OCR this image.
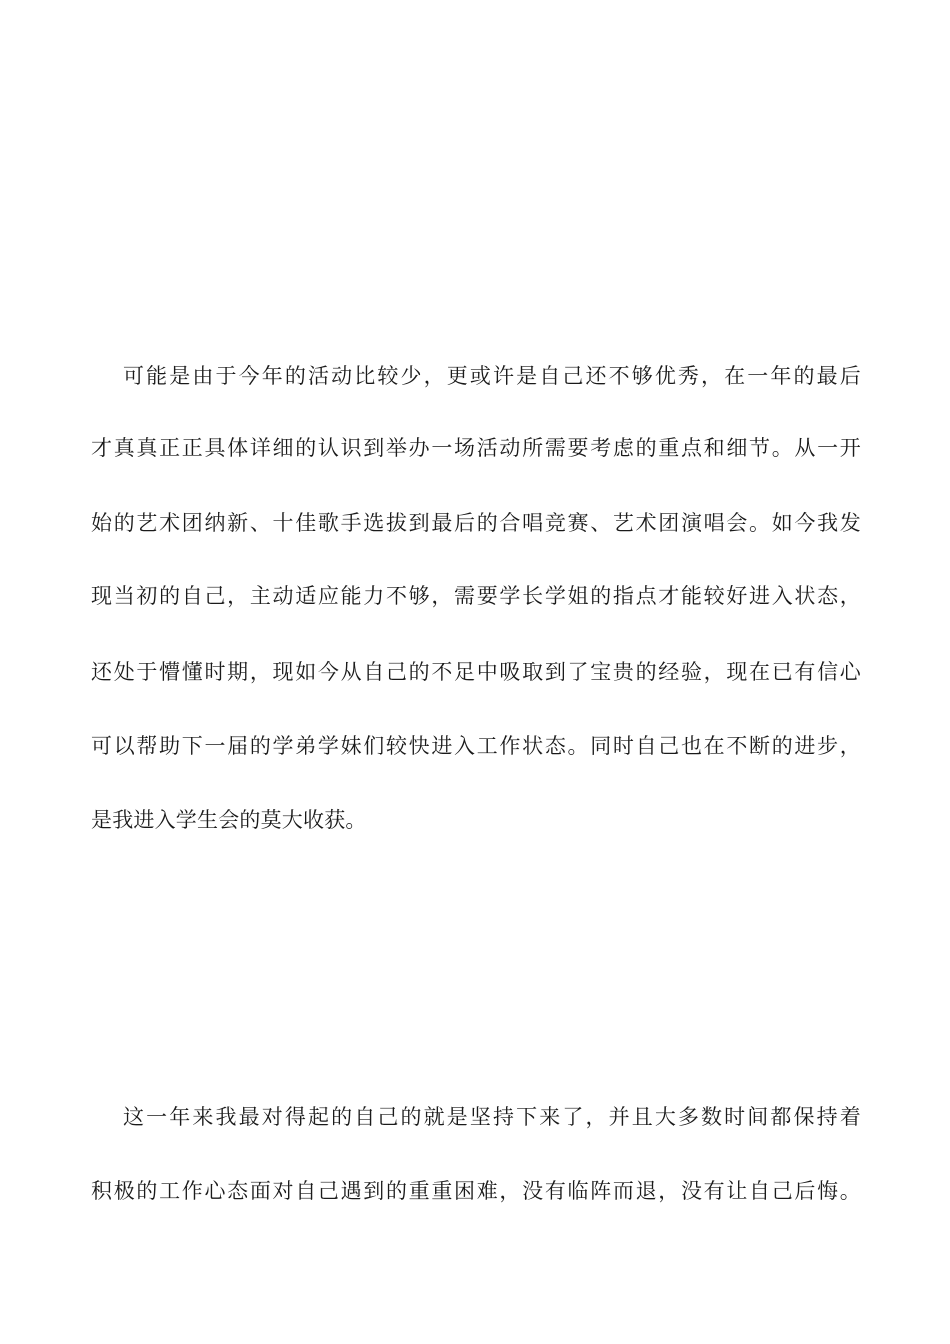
可能是由于今年的活动比较少，更或许是自己还不够优秀，在一年的最后
才真真正正具体详细的认识到举办一场活动所需要考虑的重点和细节。从一开
始的艺术团纳新、十佳歌手选拔到最后的合唱竞赛、艺术团演唱会。如今我发
现当初的自己，主动适应能力不够，需要学长学姐的指点才能较好进入状态，
还处于懵懂时期，现如今从自己的不足中吸取到了宝贵的经验，现在已有信心
可以帮助下一届的学弟学妹们较快进入工作状态。同时自己也在不断的进步，
是我进入学生会的莫大收获。
这一年来我最对得起的自己的就是坚持下来了，并且大多数时间都保持着
积极的工作心态面对自己遇到的重重困难，没有临阵而退，没有让自己后悔。
